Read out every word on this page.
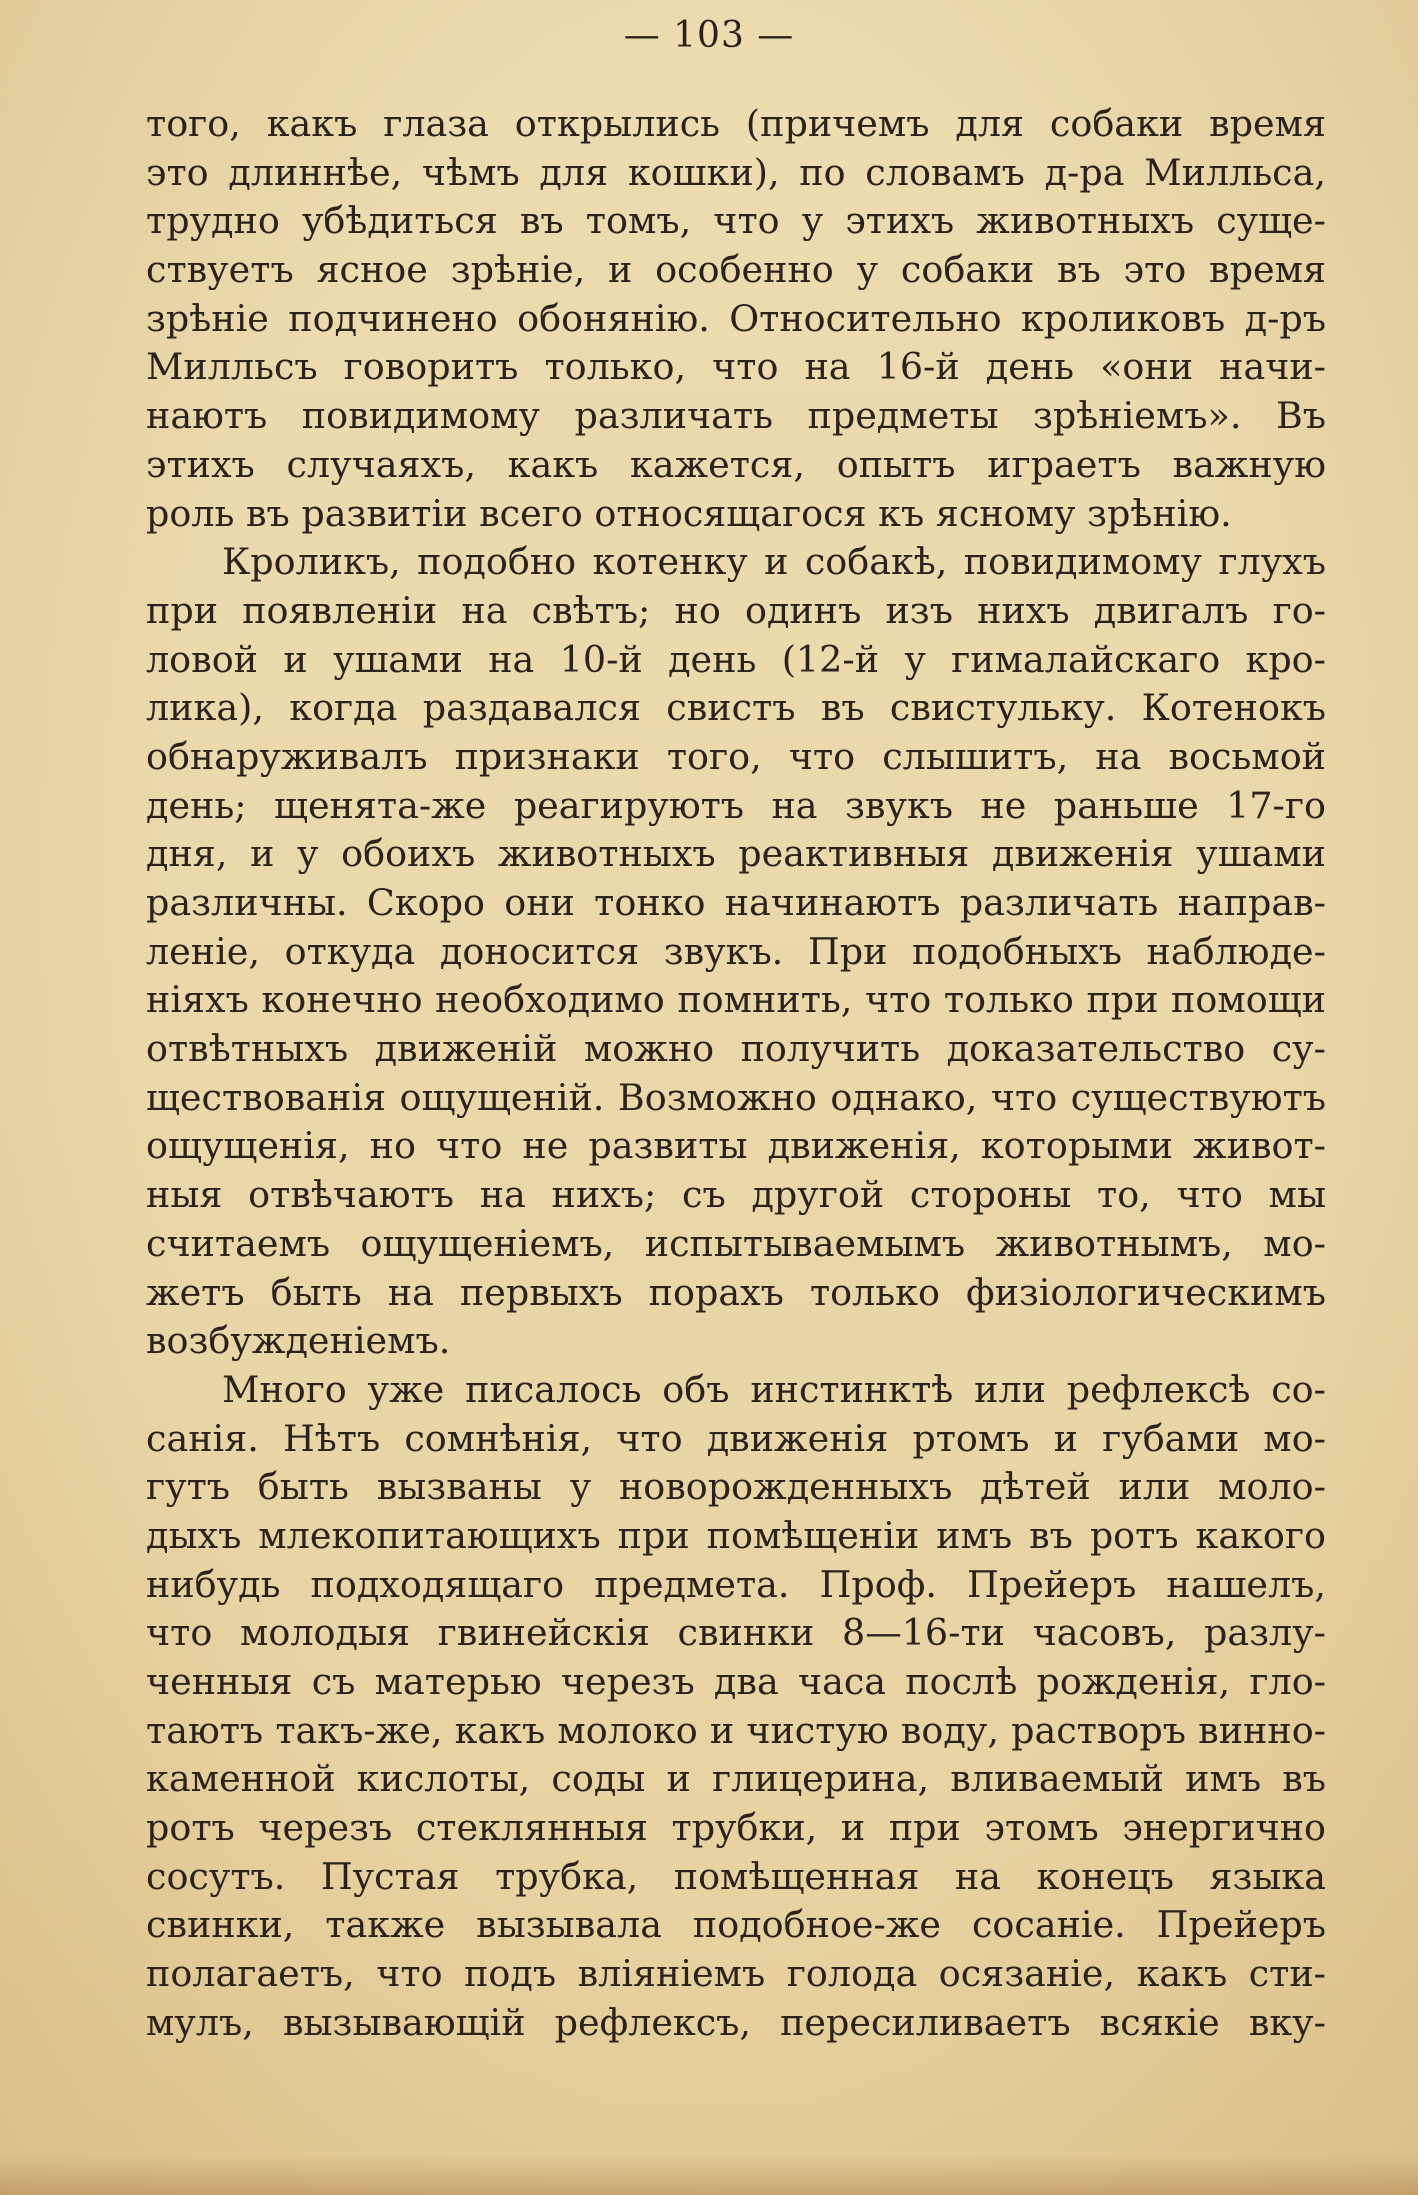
— 103 —
того, какъ глаза открылись (причемъ для собаки время
это длиннѣе, чѣмъ для кошки), по словамъ д-ра Милльса,
трудно убѣдиться въ томъ, что у этихъ животныхъ суще-
ствуетъ ясное зрѣніе, и особенно у собаки въ это время
зрѣніе подчинено обонянію. Относительно кроликовъ д-ръ
Милльсъ говоритъ только, что на 16-й день «они начи-
наютъ повидимому различать предметы зрѣніемъ». Въ
этихъ случаяхъ, какъ кажется, опытъ играетъ важную
роль въ развитіи всего относящагося къ ясному зрѣнію.
Кроликъ, подобно котенку и собакѣ, повидимому глухъ
при появленіи на свѣтъ; но одинъ изъ нихъ двигалъ го-
ловой и ушами на 10-й день (12-й у гималайскаго кро-
лика), когда раздавался свистъ въ свистульку. Котенокъ
обнаруживалъ признаки того, что слышитъ, на восьмой
день; щенята-же реагируютъ на звукъ не раньше 17-го
дня, и у обоихъ животныхъ реактивныя движенія ушами
различны. Скоро они тонко начинаютъ различать направ-
леніе, откуда доносится звукъ. При подобныхъ наблюде-
ніяхъ конечно необходимо помнить, что только при помощи
отвѣтныхъ движеній можно получить доказательство су-
ществованія ощущеній. Возможно однако, что существуютъ
ощущенія, но что не развиты движенія, которыми живот-
ныя отвѣчаютъ на нихъ; съ другой стороны то, что мы
считаемъ ощущеніемъ, испытываемымъ животнымъ, мо-
жетъ быть на первыхъ порахъ только физіологическимъ
возбужденіемъ.
Много уже писалось объ инстинктѣ или рефлексѣ со-
санія. Нѣтъ сомнѣнія, что движенія ртомъ и губами мо-
гутъ быть вызваны у новорожденныхъ дѣтей или моло-
дыхъ млекопитающихъ при помѣщеніи имъ въ ротъ какого
нибудь подходящаго предмета. Проф. Прейеръ нашелъ,
что молодыя гвинейскія свинки 8—16-ти часовъ, разлу-
ченныя съ матерью черезъ два часа послѣ рожденія, гло-
таютъ такъ-же, какъ молоко и чистую воду, растворъ винно-
каменной кислоты, соды и глицерина, вливаемый имъ въ
ротъ черезъ стеклянныя трубки, и при этомъ энергично
сосутъ. Пустая трубка, помѣщенная на конецъ языка
свинки, также вызывала подобное-же сосаніе. Прейеръ
полагаетъ, что подъ вліяніемъ голода осязаніе, какъ сти-
мулъ, вызывающій рефлексъ, пересиливаетъ всякіе вку-
